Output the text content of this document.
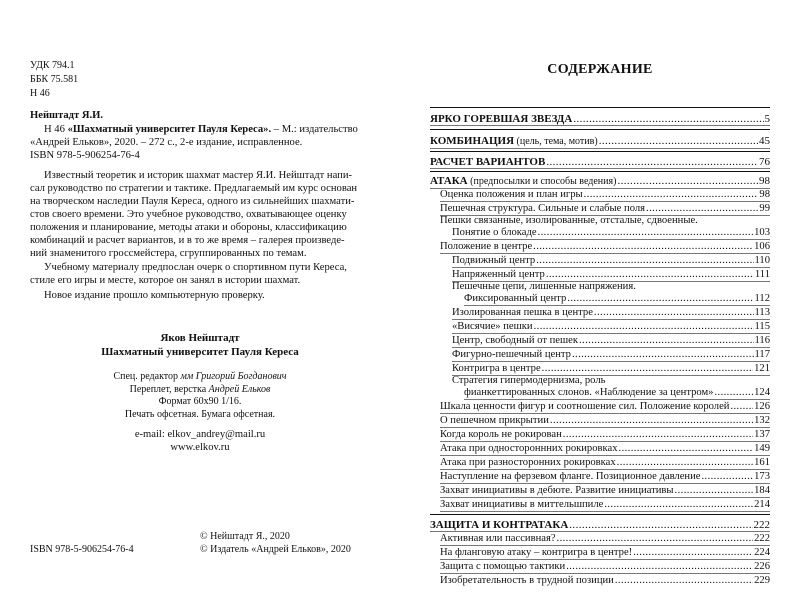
УДК 794.1
ББК 75.581
Н 46
Нейштадт Я.И.
Н 46 «Шахматный университет Пауля Кереса». – М.: издательство
«Андрей Ельков», 2020. – 272 с., 2-е издание, исправленное.
ISBN 978-5-906254-76-4
Известный теоретик и историк шахмат мастер Я.И. Нейштадт напи-
сал руководство по стратегии и тактике. Предлагаемый им курс основан
на творческом наследии Пауля Кереса, одного из сильнейших шахмати-
стов своего времени. Это учебное руководство, охватывающее оценку
положения и планирование, методы атаки и обороны, классификацию
комбинаций и расчет вариантов, и в то же время – галерея произведе-
ний знаменитого гроссмейстера, сгруппированных по темам.
Учебному материалу предпослан очерк о спортивном пути Кереса,
стиле его игры и месте, которое он занял в истории шахмат.
Новое издание прошло компьютерную проверку.
Яков Нейштадт
Шахматный университет Пауля Кереса
Спец. редактор мм Григорий Богданович
Переплет, верстка Андрей Ельков
Формат 60х90 1/16.
Печать офсетная. Бумага офсетная.
e-mail: elkov_andrey@mail.ru
www.elkov.ru
ISBN 978-5-906254-76-4
© Нейштадт Я., 2020
© Издатель «Андрей Ельков», 2020
СОДЕРЖАНИЕ
ЯРКО ГОРЕВШАЯ ЗВЕЗДА .....	5
КОМБИНАЦИЯ (цель, тема, мотив) .....	45
РАСЧЕТ ВАРИАНТОВ .....	76
АТАКА (предпосылки и способы ведения) .....	98
Оценка положения и план игры .....	98
Пешечная структура. Сильные и слабые поля .....	99
Пешки связанные, изолированные, отсталые, сдвоенные.
Понятие о блокаде .....	103
Положение в центре .....	106
Подвижный центр .....	110
Напряженный центр .....	111
Пешечные цепи, лишенные напряжения.
Фиксированный центр .....	112
Изолированная пешка в центре .....	113
«Висячие» пешки .....	115
Центр, свободный от пешек .....	116
Фигурно-пешечный центр .....	117
Контригра в центре .....	121
Стратегия гипермодернизма, роль
фианкеттированных слонов. «Наблюдение за центром» .....	124
Шкала ценности фигур и соотношение сил. Положение королей ..... 126
О пешечном прикрытии .....	132
Когда король не рокирован .....	137
Атака при одностороннних рокировках .....	149
Атака при разносторонних рокировках .....	161
Наступление на ферзевом фланге. Позиционное давление .....	173
Захват инициативы в дебюте. Развитие инициативы .....	184
Захват инициативы в миттельшпиле .....	214
ЗАЩИТА И КОНТРАТАКА .....	222
Активная или пассивная? .....	222
На фланговую атаку – контригра в центре! .....	224
Защита с помощью тактики .....	226
Изобретательность в трудной позиции .....	229
